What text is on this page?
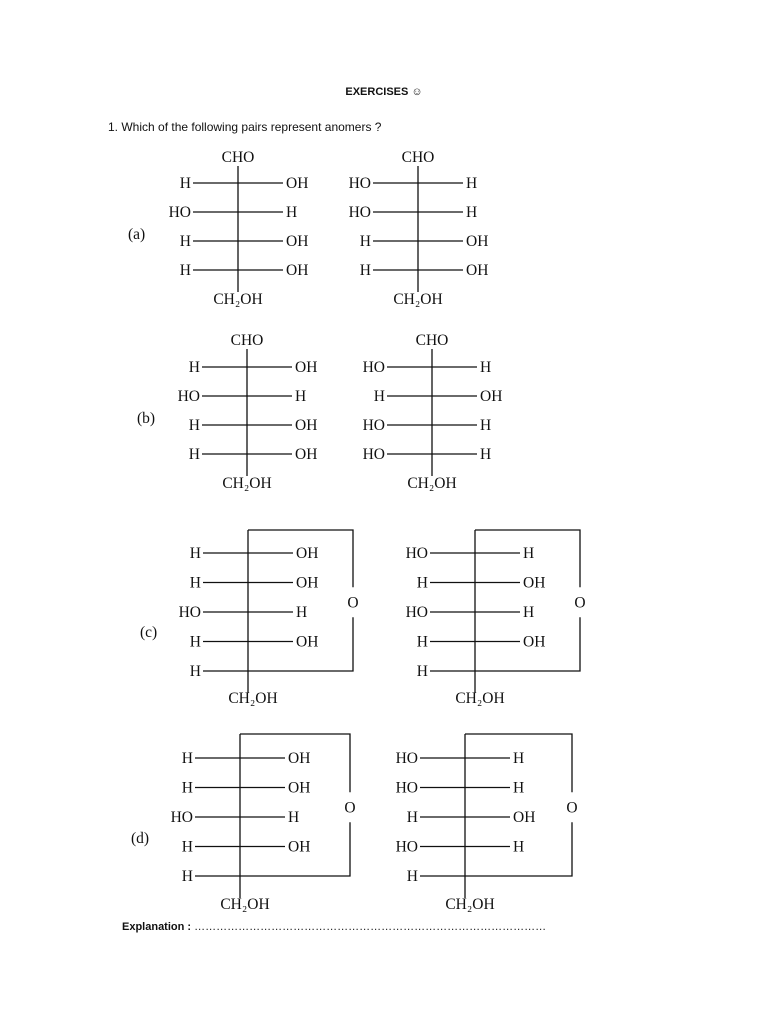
EXERCISES ☺
1. Which of the following pairs represent anomers ?
(a)
CHO
CH₂OH
H	OH
HO	H
H	OH
H	OH
CHO
CH₂OH
HO	H
HO	H
H	OH
H	OH
(b)
CHO
CH₂OH
H	OH
HO	H
H	OH
H	OH
CHO
CH₂OH
HO	H
H	OH
HO	H
HO	H
(c)
O
CH₂OH
H	OH
H	OH
HO	H
H	OH
H
O
CH₂OH
HO	H
H	OH
HO	H
H	OH
H
(d)
O
CH₂OH
H	OH
H	OH
HO	H
H	OH
H
O
CH₂OH
HO	H
HO	H
H	OH
HO	H
H
Explanation : ……………………………………………………………………………………
